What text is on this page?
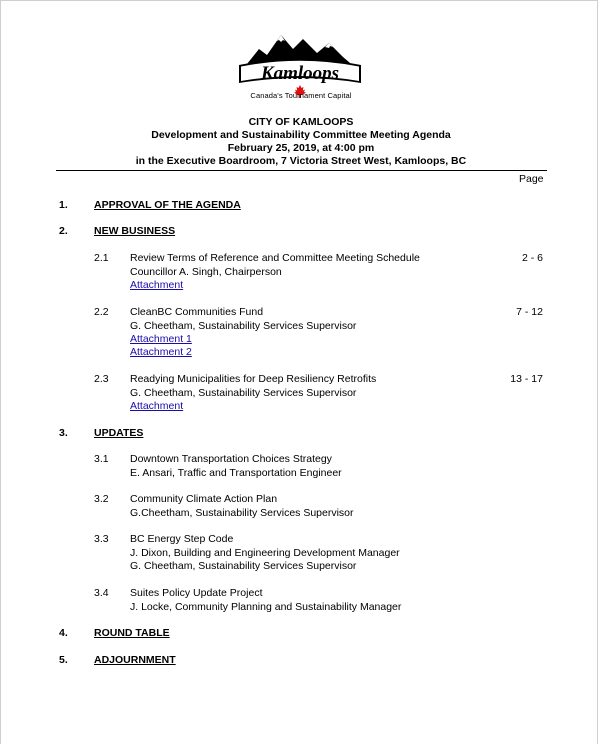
Kamloops
Canada's Tournament Capital
CITY OF KAMLOOPS
Development and Sustainability Committee Meeting Agenda
February 25, 2019, at 4:00 pm
in the Executive Boardroom, 7 Victoria Street West, Kamloops, BC
Page
1. APPROVAL OF THE AGENDA
2. NEW BUSINESS
2.1 Review Terms of Reference and Committee Meeting Schedule	2 - 6
Councillor A. Singh, Chairperson
Attachment
2.2 CleanBC Communities Fund	7 - 12
G. Cheetham, Sustainability Services Supervisor
Attachment 1
Attachment 2
2.3 Readying Municipalities for Deep Resiliency Retrofits	13 - 17
G. Cheetham, Sustainability Services Supervisor
Attachment
3. UPDATES
3.1 Downtown Transportation Choices Strategy
E. Ansari, Traffic and Transportation Engineer
3.2 Community Climate Action Plan
G.Cheetham, Sustainability Services Supervisor
3.3 BC Energy Step Code
J. Dixon, Building and Engineering Development Manager
G. Cheetham, Sustainability Services Supervisor
3.4 Suites Policy Update Project
J. Locke, Community Planning and Sustainability Manager
4. ROUND TABLE
5. ADJOURNMENT
